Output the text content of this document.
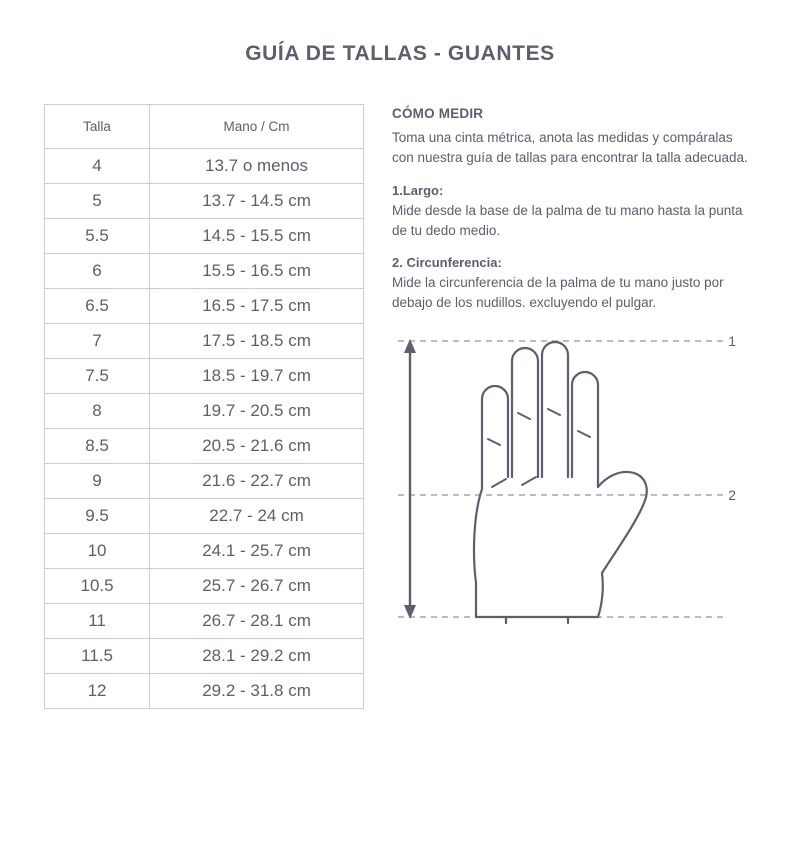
GUÍA DE TALLAS - GUANTES
Talla	Mano / Cm
4	13.7 o menos
5	13.7 - 14.5 cm
5.5	14.5 - 15.5 cm
6	15.5 - 16.5 cm
6.5	16.5 - 17.5 cm
7	17.5 - 18.5 cm
7.5	18.5 - 19.7 cm
8	19.7 - 20.5 cm
8.5	20.5 - 21.6 cm
9	21.6 - 22.7 cm
9.5	22.7 - 24 cm
10	24.1 - 25.7 cm
10.5	25.7 - 26.7 cm
11	26.7 - 28.1 cm
11.5	28.1 - 29.2 cm
12	29.2 - 31.8 cm

CÓMO MEDIR

Toma una cinta métrica, anota las medidas y compáralas con nuestra guía de tallas para encontrar la talla adecuada.

1.Largo:

Mide desde la base de la palma de tu mano hasta la punta de tu dedo medio.

2. Circunferencia:

Mide la circunferencia de la palma de tu mano justo por debajo de los nudillos. excluyendo el pulgar.

1
2
